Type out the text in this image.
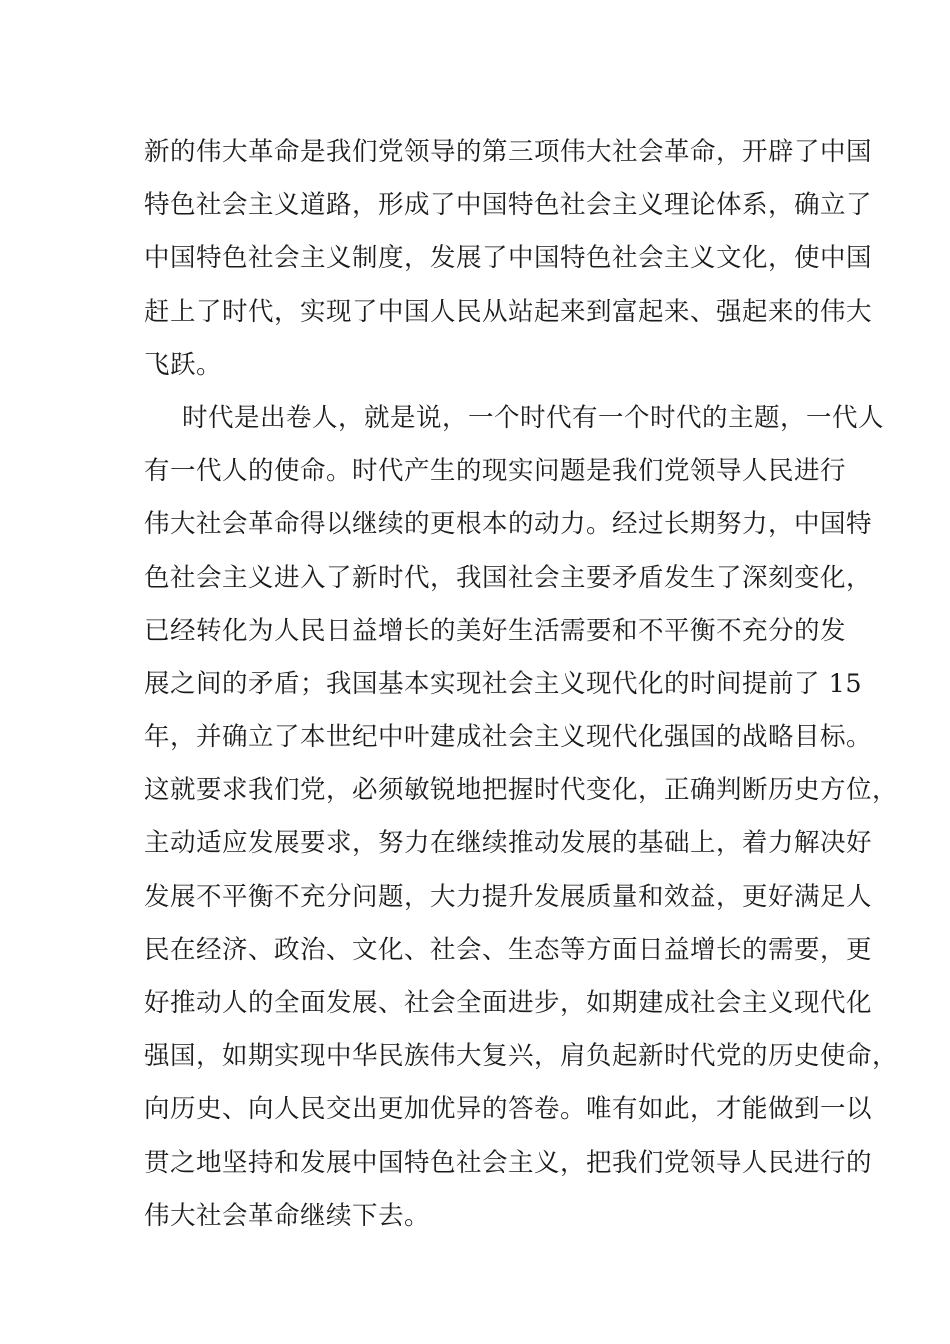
新的伟大革命是我们党领导的第三项伟大社会革命，开辟了中国
特色社会主义道路，形成了中国特色社会主义理论体系，确立了
中国特色社会主义制度，发展了中国特色社会主义文化，使中国
赶上了时代，实现了中国人民从站起来到富起来、强起来的伟大
飞跃。
时代是出卷人，就是说，一个时代有一个时代的主题，一代人
有一代人的使命。时代产生的现实问题是我们党领导人民进行
伟大社会革命得以继续的更根本的动力。经过长期努力，中国特
色社会主义进入了新时代，我国社会主要矛盾发生了深刻变化，
已经转化为人民日益增长的美好生活需要和不平衡不充分的发
展之间的矛盾；我国基本实现社会主义现代化的时间提前了 15
年，并确立了本世纪中叶建成社会主义现代化强国的战略目标。
这就要求我们党，必须敏锐地把握时代变化，正确判断历史方位，
主动适应发展要求，努力在继续推动发展的基础上，着力解决好
发展不平衡不充分问题，大力提升发展质量和效益，更好满足人
民在经济、政治、文化、社会、生态等方面日益增长的需要，更
好推动人的全面发展、社会全面进步，如期建成社会主义现代化
强国，如期实现中华民族伟大复兴，肩负起新时代党的历史使命，
向历史、向人民交出更加优异的答卷。唯有如此，才能做到一以
贯之地坚持和发展中国特色社会主义，把我们党领导人民进行的
伟大社会革命继续下去。
